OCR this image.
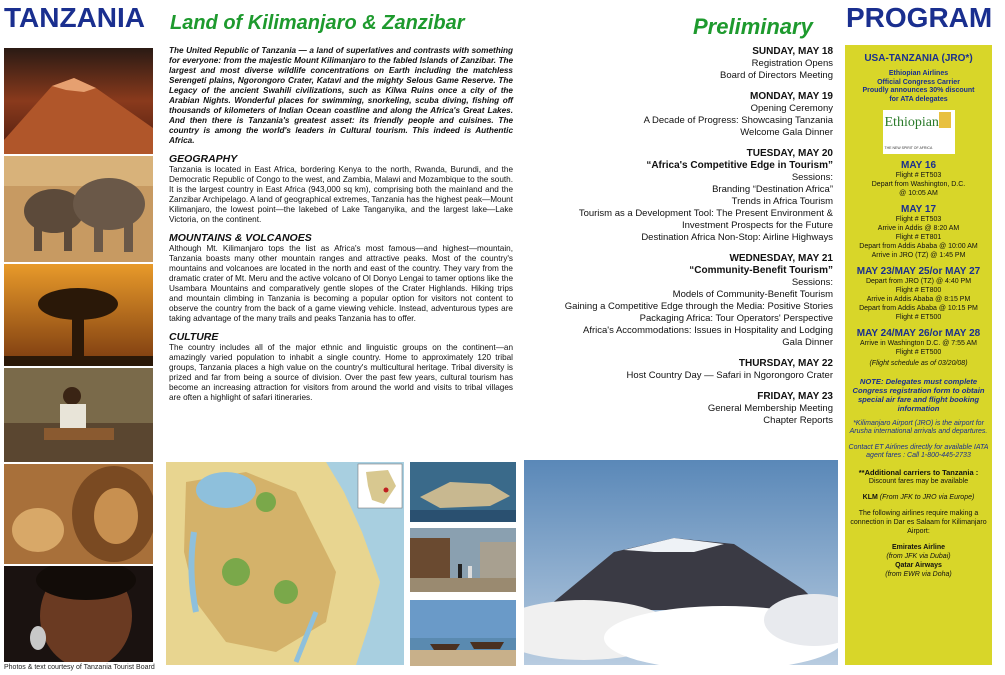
TANZANIA Land of Kilimanjaro & Zanzibar	Preliminary PROGRAM
Photos & text courtesy of Tanzania Tourist Board

The United Republic of Tanzania — a land of superlatives and contrasts with something for everyone: from the majestic Mount Kilimanjaro to the fabled Islands of Zanzibar. The largest and most diverse wildlife concentrations on Earth including the matchless Serengeti plains, Ngorongoro Crater, Katavi and the mighty Selous Game Reserve. The Legacy of the ancient Swahili civilizations, such as Kilwa Ruins once a city of the Arabian Nights. Wonderful places for swimming, snorkeling, scuba diving, fishing off thousands of kilometers of Indian Ocean coastline and along the Africa's Great Lakes. And then there is Tanzania's greatest asset: its friendly people and cuisines. The country is among the world's leaders in Cultural tourism. This indeed is Authentic Africa.

GEOGRAPHY

Tanzania is located in East Africa, bordering Kenya to the north, Rwanda, Burundi, and the Democratic Republic of Congo to the west, and Zambia, Malawi and Mozambique to the south. It is the largest country in East Africa (943,000 sq km), comprising both the mainland and the Zanzibar Archipelago. A land of geographical extremes, Tanzania has the highest peak—Mount Kilimanjaro, the lowest point—the lakebed of Lake Tanganyika, and the largest lake—Lake Victoria, on the continent.

MOUNTAINS & VOLCANOES

Although Mt. Kilimanjaro tops the list as Africa's most famous—and highest—mountain, Tanzania boasts many other mountain ranges and attractive peaks. Most of the country's mountains and volcanoes are located in the north and east of the country. They vary from the dramatic crater of Mt. Meru and the active volcano of Ol Donyo Lengai to tamer options like the Usambara Mountains and comparatively gentle slopes of the Crater Highlands. Hiking trips and mountain climbing in Tanzania is becoming a popular option for visitors not content to observe the country from the back of a game viewing vehicle. Instead, adventurous types are taking advantage of the many trails and peaks Tanzania has to offer.

CULTURE

The country includes all of the major ethnic and linguistic groups on the continent—an amazingly varied population to inhabit a single country. Home to approximately 120 tribal groups, Tanzania places a high value on the country's multicultural heritage. Tribal diversity is prized and far from being a source of division. Over the past few years, cultural tourism has become an increasing attraction for visitors from around the world and visits to tribal villages are often a highlight of safari itineraries.

SUNDAY, MAY 18
Registration Opens
Board of Directors Meeting
MONDAY, MAY 19
Opening Ceremony
A Decade of Progress: Showcasing Tanzania
Welcome Gala Dinner
TUESDAY, MAY 20
“Africa's Competitive Edge in Tourism”
Sessions:
Branding “Destination Africa”
Trends in Africa Tourism
Tourism as a Development Tool: The Present Environment &
Investment Prospects for the Future
Destination Africa Non-Stop: Airline Highways
WEDNESDAY, MAY 21
“Community-Benefit Tourism”
Sessions:
Models of Community-Benefit Tourism
Gaining a Competitive Edge through the Media: Positive Stories
Packaging Africa: Tour Operators' Perspective
Africa's Accommodations: Issues in Hospitality and Lodging
Gala Dinner
THURSDAY, MAY 22
Host Country Day — Safari in Ngorongoro Crater
FRIDAY, MAY 23
General Membership Meeting
Chapter Reports
USA-TANZANIA (JRO*)
Ethiopian Airlines
Official Congress Carrier
Proudly announces 30% discount
for ATA delegates
Ethiopian
THE NEW SPIRIT OF AFRICA
MAY 16
Flight # ET503
Depart from Washington, D.C.
@ 10:05 AM
MAY 17
Flight # ET503
Arrive in Addis @ 8:20 AM
Flight # ET801
Depart from Addis Ababa @ 10:00 AM
Arrive in JRO (TZ) @ 1:45 PM
MAY 23/MAY 25/or MAY 27
Depart from JRO (TZ) @ 4:40 PM
Flight # ET800
Arrive in Addis Ababa @ 8:15 PM
Depart from Addis Ababa @ 10:15 PM
Flight # ET500
MAY 24/MAY 26/or MAY 28
Arrive in Washington D.C. @ 7:55 AM
Flight # ET500
(Flight schedule as of 03/20/08)
NOTE: Delegates must complete Congress registration form to obtain special air fare and flight booking information
*Kilimanjaro Airport (JRO) is the airport for Arusha international arrivals and departures.
Contact ET Airlines directly for available IATA agent fares : Call 1-800-445-2733
**Additional carriers to Tanzania :
Discount fares may be available
KLM (From JFK to JRO via Europe)
The following airlines require making a connection in Dar es Salaam for Kilimanjaro Airport:
Emirates Airline
(from JFK via Dubai)
Qatar Airways
(from EWR via Doha)
